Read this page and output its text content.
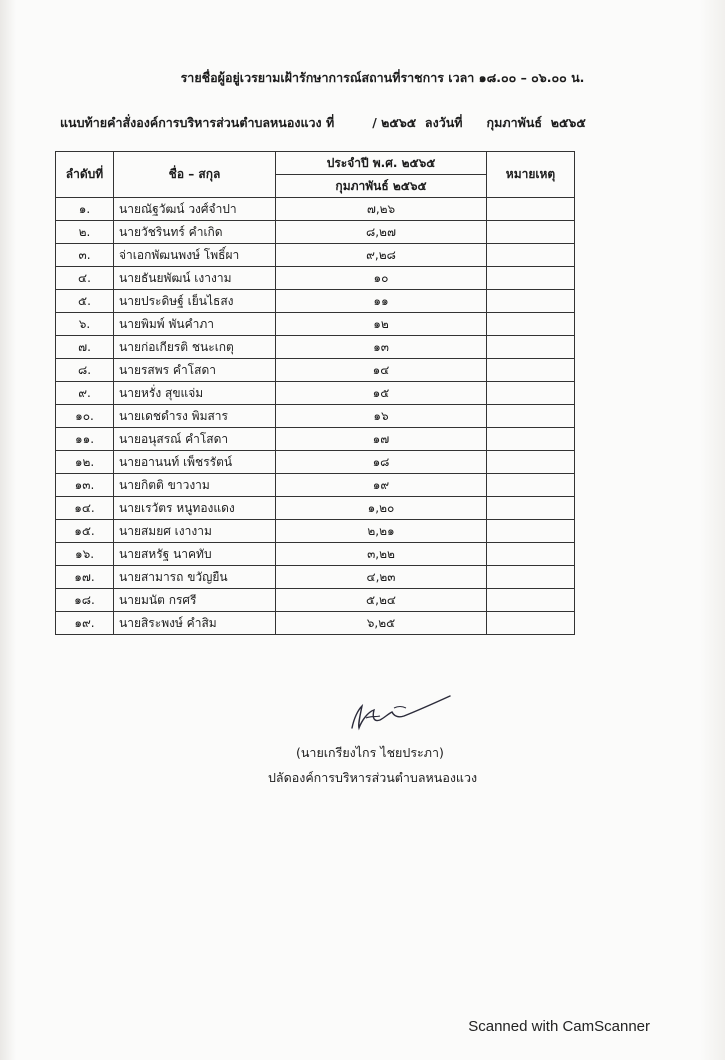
รายชื่อผู้อยู่เวรยามเฝ้ารักษาการณ์สถานที่ราชการ เวลา ๑๘.๐๐ – ๐๖.๐๐ น.
แนบท้ายคำสั่งองค์การบริหารส่วนตำบลหนองแวง ที่	/ ๒๕๖๕  ลงวันที่ กุมภาพันธ์  ๒๕๖๕
ลำดับที่	ชื่อ – สกุล	ประจำปี พ.ศ. ๒๕๖๕	หมายเหตุ
		กุมภาพันธ์ ๒๕๖๕	
๑.	นายณัฐวัฒน์ วงศ์จำปา	๗,๒๖	
๒.	นายวัชรินทร์ คำเกิด	๘,๒๗	
๓.	จ่าเอกพัฒนพงษ์ โพธิ์ผา	๙,๒๘	
๔.	นายธันยพัฒน์ เงางาม	๑๐	
๕.	นายประดิษฐ์ เย็นไธสง	๑๑	
๖.	นายพิมพ์ พันคำภา	๑๒	
๗.	นายก่อเกียรติ ชนะเกตุ	๑๓	
๘.	นายรสพร คำโสดา	๑๔	
๙.	นายหรั่ง สุขแจ่ม	๑๕	
๑๐.	นายเดชดำรง พิมสาร	๑๖	
๑๑.	นายอนุสรณ์ คำโสดา	๑๗	
๑๒.	นายอานนท์ เพ็ชรรัตน์	๑๘	
๑๓.	นายกิตติ ขาวงาม	๑๙	
๑๔.	นายเรวัตร หนูทองแดง	๑,๒๐	
๑๕.	นายสมยศ เงางาม	๒,๒๑	
๑๖.	นายสหรัฐ นาคทับ	๓,๒๒	
๑๗.	นายสามารถ ขวัญยืน	๔,๒๓	
๑๘.	นายมนัต กรศรี	๕,๒๔	
๑๙.	นายสิระพงษ์ คำสิม	๖,๒๕	
(นายเกรียงไกร ไชยประภา)
ปลัดองค์การบริหารส่วนตำบลหนองแวง
Scanned with CamScanner
